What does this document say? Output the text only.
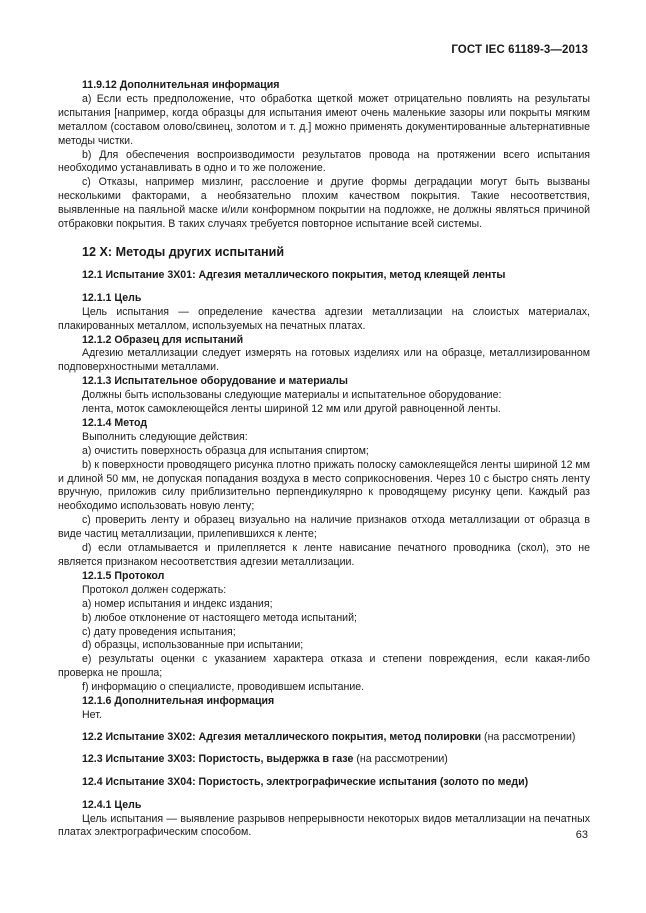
ГОСТ IEC 61189-3—2013

11.9.12 Дополнительная информация

а) Если есть предположение, что обработка щеткой может отрицательно повлиять на результаты испытания [например, когда образцы для испытания имеют очень маленькие зазоры или покрыты мягким металлом (составом олово/свинец, золотом и т. д.] можно применять документированные альтернативные методы чистки.

b) Для обеспечения воспроизводимости результатов провода на протяжении всего испытания необходимо устанавливать в одно и то же положение.

с) Отказы, например мизлинг, расслоение и другие формы деградации могут быть вызваны несколькими факторами, а необязательно плохим качеством покрытия. Такие несоответствия, выявленные на паяльной маске и/или конформном покрытии на подложке, не должны являться причиной отбраковки покрытия. В таких случаях требуется повторное испытание всей системы.

12 X: Методы других испытаний

12.1 Испытание 3X01: Адгезия металлического покрытия, метод клеящей ленты

12.1.1 Цель

Цель испытания — определение качества адгезии металлизации на слоистых материалах, плакированных металлом, используемых на печатных платах.

12.1.2 Образец для испытаний

Адгезию металлизации следует измерять на готовых изделиях или на образце, металлизированном подповерхностными металлами.

12.1.3 Испытательное оборудование и материалы

Должны быть использованы следующие материалы и испытательное оборудование:

лента, моток самоклеющейся ленты шириной 12 мм или другой равноценной ленты.

12.1.4 Метод

Выполнить следующие действия:

а) очистить поверхность образца для испытания спиртом;

b) к поверхности проводящего рисунка плотно прижать полоску самоклеящейся ленты шириной 12 мм и длиной 50 мм, не допуская попадания воздуха в место соприкосновения. Через 10 с быстро снять ленту вручную, приложив силу приблизительно перпендикулярно к проводящему рисунку цепи. Каждый раз необходимо использовать новую ленту;

с) проверить ленту и образец визуально на наличие признаков отхода металлизации от образца в виде частиц металлизации, прилепившихся к ленте;

d) если отламывается и прилепляется к ленте нависание печатного проводника (скол), это не является признаком несоответствия адгезии металлизации.

12.1.5 Протокол

Протокол должен содержать:

а) номер испытания и индекс издания;

b) любое отклонение от настоящего метода испытаний;

с) дату проведения испытания;

d) образцы, использованные при испытании;

е) результаты оценки с указанием характера отказа и степени повреждения, если какая-либо проверка не прошла;

f) информацию о специалисте, проводившем испытание.

12.1.6 Дополнительная информация

Нет.

12.2 Испытание 3X02: Адгезия металлического покрытия, метод полировки (на рассмотрении)

12.3 Испытание 3X03: Пористость, выдержка в газе (на рассмотрении)

12.4 Испытание 3X04: Пористость, электрографические испытания (золото по меди)

12.4.1 Цель

Цель испытания — выявление разрывов непрерывности некоторых видов металлизации на печатных платах электрографическим способом.	63
